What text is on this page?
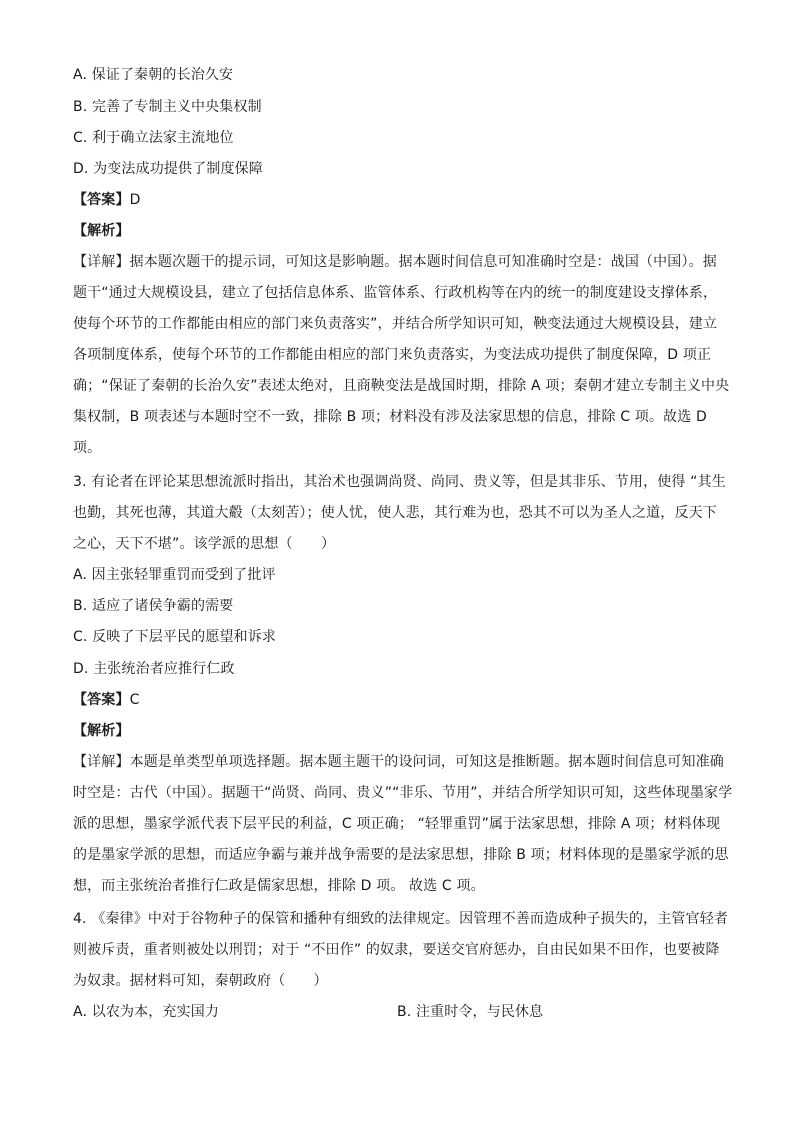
A. 保证了秦朝的长治久安
B. 完善了专制主义中央集权制
C. 利于确立法家主流地位
D. 为变法成功提供了制度保障
【答案】D
【解析】
【详解】据本题次题干的提示词，可知这是影响题。据本题时间信息可知准确时空是：战国（中国）。据
题干“通过大规模设县，建立了包括信息体系、监管体系、行政机构等在内的统一的制度建设支撑体系，
使每个环节的工作都能由相应的部门来负责落实”，并结合所学知识可知，鞅变法通过大规模设县，建立
各项制度体系，使每个环节的工作都能由相应的部门来负责落实，为变法成功提供了制度保障，D 项正
确；“保证了秦朝的长治久安”表述太绝对，且商鞅变法是战国时期，排除 A 项；秦朝才建立专制主义中央
集权制，B 项表述与本题时空不一致，排除 B 项；材料没有涉及法家思想的信息，排除 C 项。故选 D
项。
3. 有论者在评论某思想流派时指出，其治术也强调尚贤、尚同、贵义等，但是其非乐、节用，使得 “其生
也勤，其死也薄，其道大觳（太刻苦）；使人忧，使人悲，其行难为也，恐其不可以为圣人之道，反天下
之心，天下不堪”。该学派的思想（　　）
A. 因主张轻罪重罚而受到了批评
B. 适应了诸侯争霸的需要
C. 反映了下层平民的愿望和诉求
D. 主张统治者应推行仁政
【答案】C
【解析】
【详解】本题是单类型单项选择题。据本题主题干的设问词，可知这是推断题。据本题时间信息可知准确
时空是：古代（中国）。据题干“尚贤、尚同、贵义”“非乐、节用”，并结合所学知识可知，这些体现墨家学
派的思想，墨家学派代表下层平民的利益，C 项正确； “轻罪重罚”属于法家思想，排除 A 项；材料体现
的是墨家学派的思想，而适应争霸与兼并战争需要的是法家思想，排除 B 项；材料体现的是墨家学派的思
想，而主张统治者推行仁政是儒家思想，排除 D 项。 故选 C 项。
4. 《秦律》中对于谷物种子的保管和播种有细致的法律规定。因管理不善而造成种子损失的，主管官轻者
则被斥责，重者则被处以刑罚；对于 “不田作” 的奴隶，要送交官府惩办，自由民如果不田作，也要被降
为奴隶。据材料可知，秦朝政府（　　）
A. 以农为本，充实国力	B. 注重时令，与民休息
